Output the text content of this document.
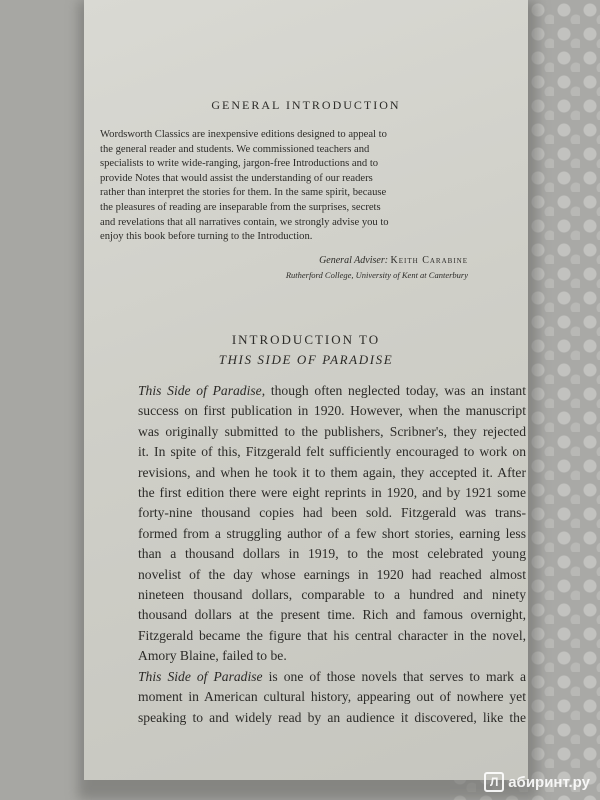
GENERAL INTRODUCTION

Wordsworth Classics are inexpensive editions designed to appeal to
the general reader and students. We commissioned teachers and
specialists to write wide-ranging, jargon-free Introductions and to
provide Notes that would assist the understanding of our readers
rather than interpret the stories for them. In the same spirit, because
the pleasures of reading are inseparable from the surprises, secrets
and revelations that all narratives contain, we strongly advise you to
enjoy this book before turning to the Introduction.

General Adviser: Keith Carabine
Rutherford College, University of Kent at Canterbury
INTRODUCTION TO
THIS SIDE OF PARADISE

This Side of Paradise, though often neglected today, was an instant
success on first publication in 1920. However, when the manuscript
was originally submitted to the publishers, Scribner's, they rejected
it. In spite of this, Fitzgerald felt sufficiently encouraged to work on
revisions, and when he took it to them again, they accepted it. After
the first edition there were eight reprints in 1920, and by 1921 some
forty-nine thousand copies had been sold. Fitzgerald was trans-
formed from a struggling author of a few short stories, earning less
than a thousand dollars in 1919, to the most celebrated young
novelist of the day whose earnings in 1920 had reached almost
nineteen thousand dollars, comparable to a hundred and ninety
thousand dollars at the present time. Rich and famous overnight,
Fitzgerald became the figure that his central character in the novel,
Amory Blaine, failed to be.
This Side of Paradise is one of those novels that serves to mark a
moment in American cultural history, appearing out of nowhere yet
speaking to and widely read by an audience it discovered, like the

Л абиринт.ру
